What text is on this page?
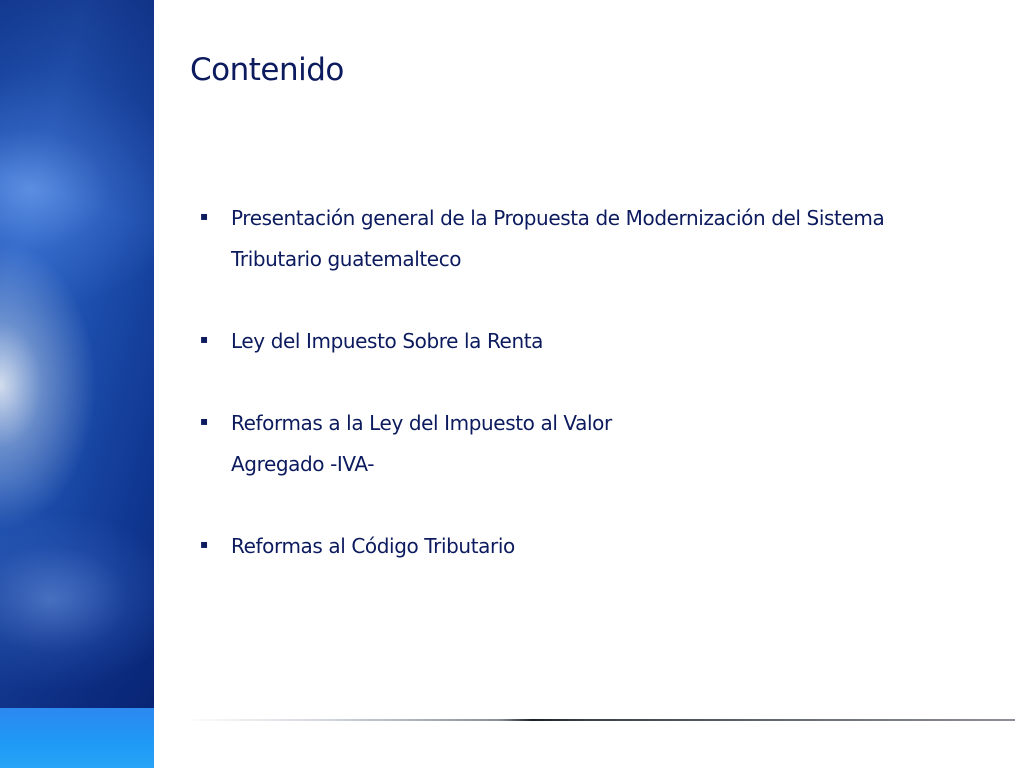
Contenido
▪ Presentación general de la Propuesta de Modernización del Sistema
Tributario guatemalteco
▪ Ley del Impuesto Sobre la Renta
▪ Reformas a la Ley del Impuesto al Valor
Agregado -IVA-
▪ Reformas al Código Tributario
